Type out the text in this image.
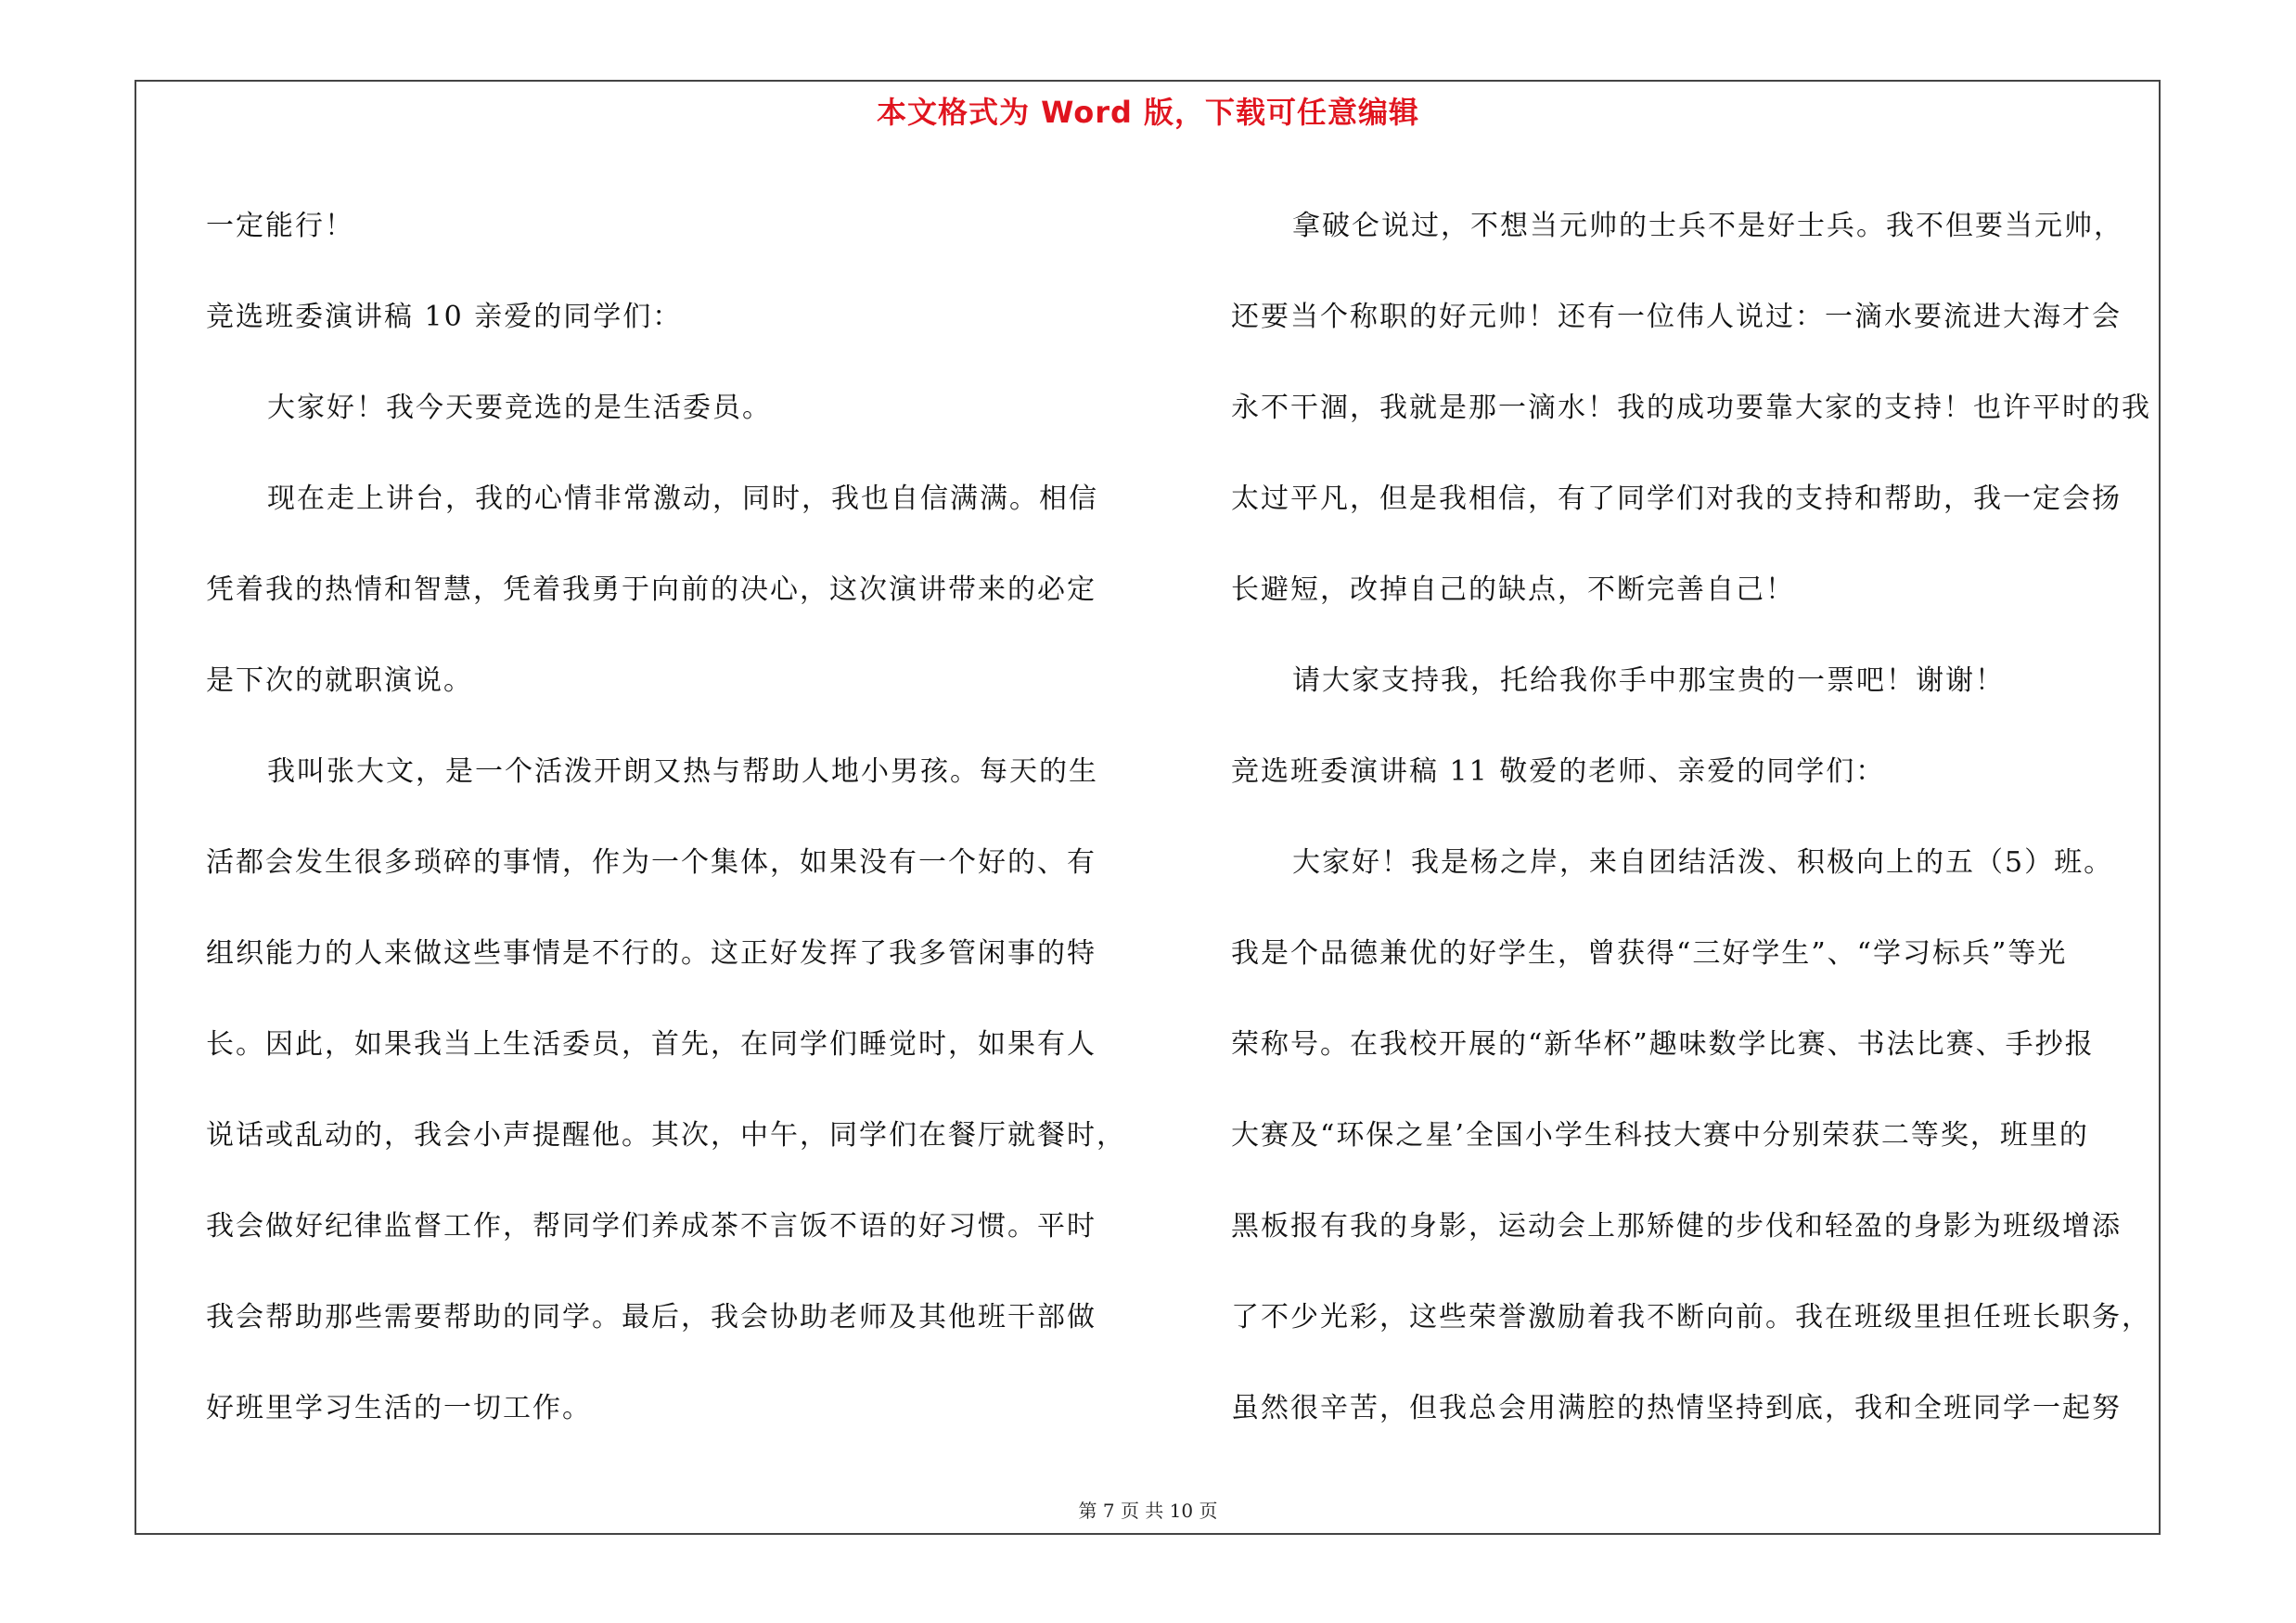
本文格式为 Word 版，下载可任意编辑
一定能行！
竞选班委演讲稿 10 亲爱的同学们：
大家好！我今天要竞选的是生活委员。
现在走上讲台，我的心情非常激动，同时，我也自信满满。相信
凭着我的热情和智慧，凭着我勇于向前的决心，这次演讲带来的必定
是下次的就职演说。
我叫张大文，是一个活泼开朗又热与帮助人地小男孩。每天的生
活都会发生很多琐碎的事情，作为一个集体，如果没有一个好的、有
组织能力的人来做这些事情是不行的。这正好发挥了我多管闲事的特
长。因此，如果我当上生活委员，首先，在同学们睡觉时，如果有人
说话或乱动的，我会小声提醒他。其次，中午，同学们在餐厅就餐时，
我会做好纪律监督工作，帮同学们养成茶不言饭不语的好习惯。平时
我会帮助那些需要帮助的同学。最后，我会协助老师及其他班干部做
好班里学习生活的一切工作。
拿破仑说过，不想当元帅的士兵不是好士兵。我不但要当元帅，
还要当个称职的好元帅！还有一位伟人说过：一滴水要流进大海才会
永不干涸，我就是那一滴水！我的成功要靠大家的支持！也许平时的我
太过平凡，但是我相信，有了同学们对我的支持和帮助，我一定会扬
长避短，改掉自己的缺点，不断完善自己！
请大家支持我，托给我你手中那宝贵的一票吧！谢谢！
竞选班委演讲稿 11 敬爱的老师、亲爱的同学们：
大家好！我是杨之岸，来自团结活泼、积极向上的五（5）班。
我是个品德兼优的好学生，曾获得“三好学生”、“学习标兵”等光
荣称号。在我校开展的“新华杯”趣味数学比赛、书法比赛、手抄报
大赛及“环保之星’全国小学生科技大赛中分别荣获二等奖，班里的
黑板报有我的身影，运动会上那矫健的步伐和轻盈的身影为班级增添
了不少光彩，这些荣誉激励着我不断向前。我在班级里担任班长职务，
虽然很辛苦，但我总会用满腔的热情坚持到底，我和全班同学一起努
第 7 页 共 10 页
